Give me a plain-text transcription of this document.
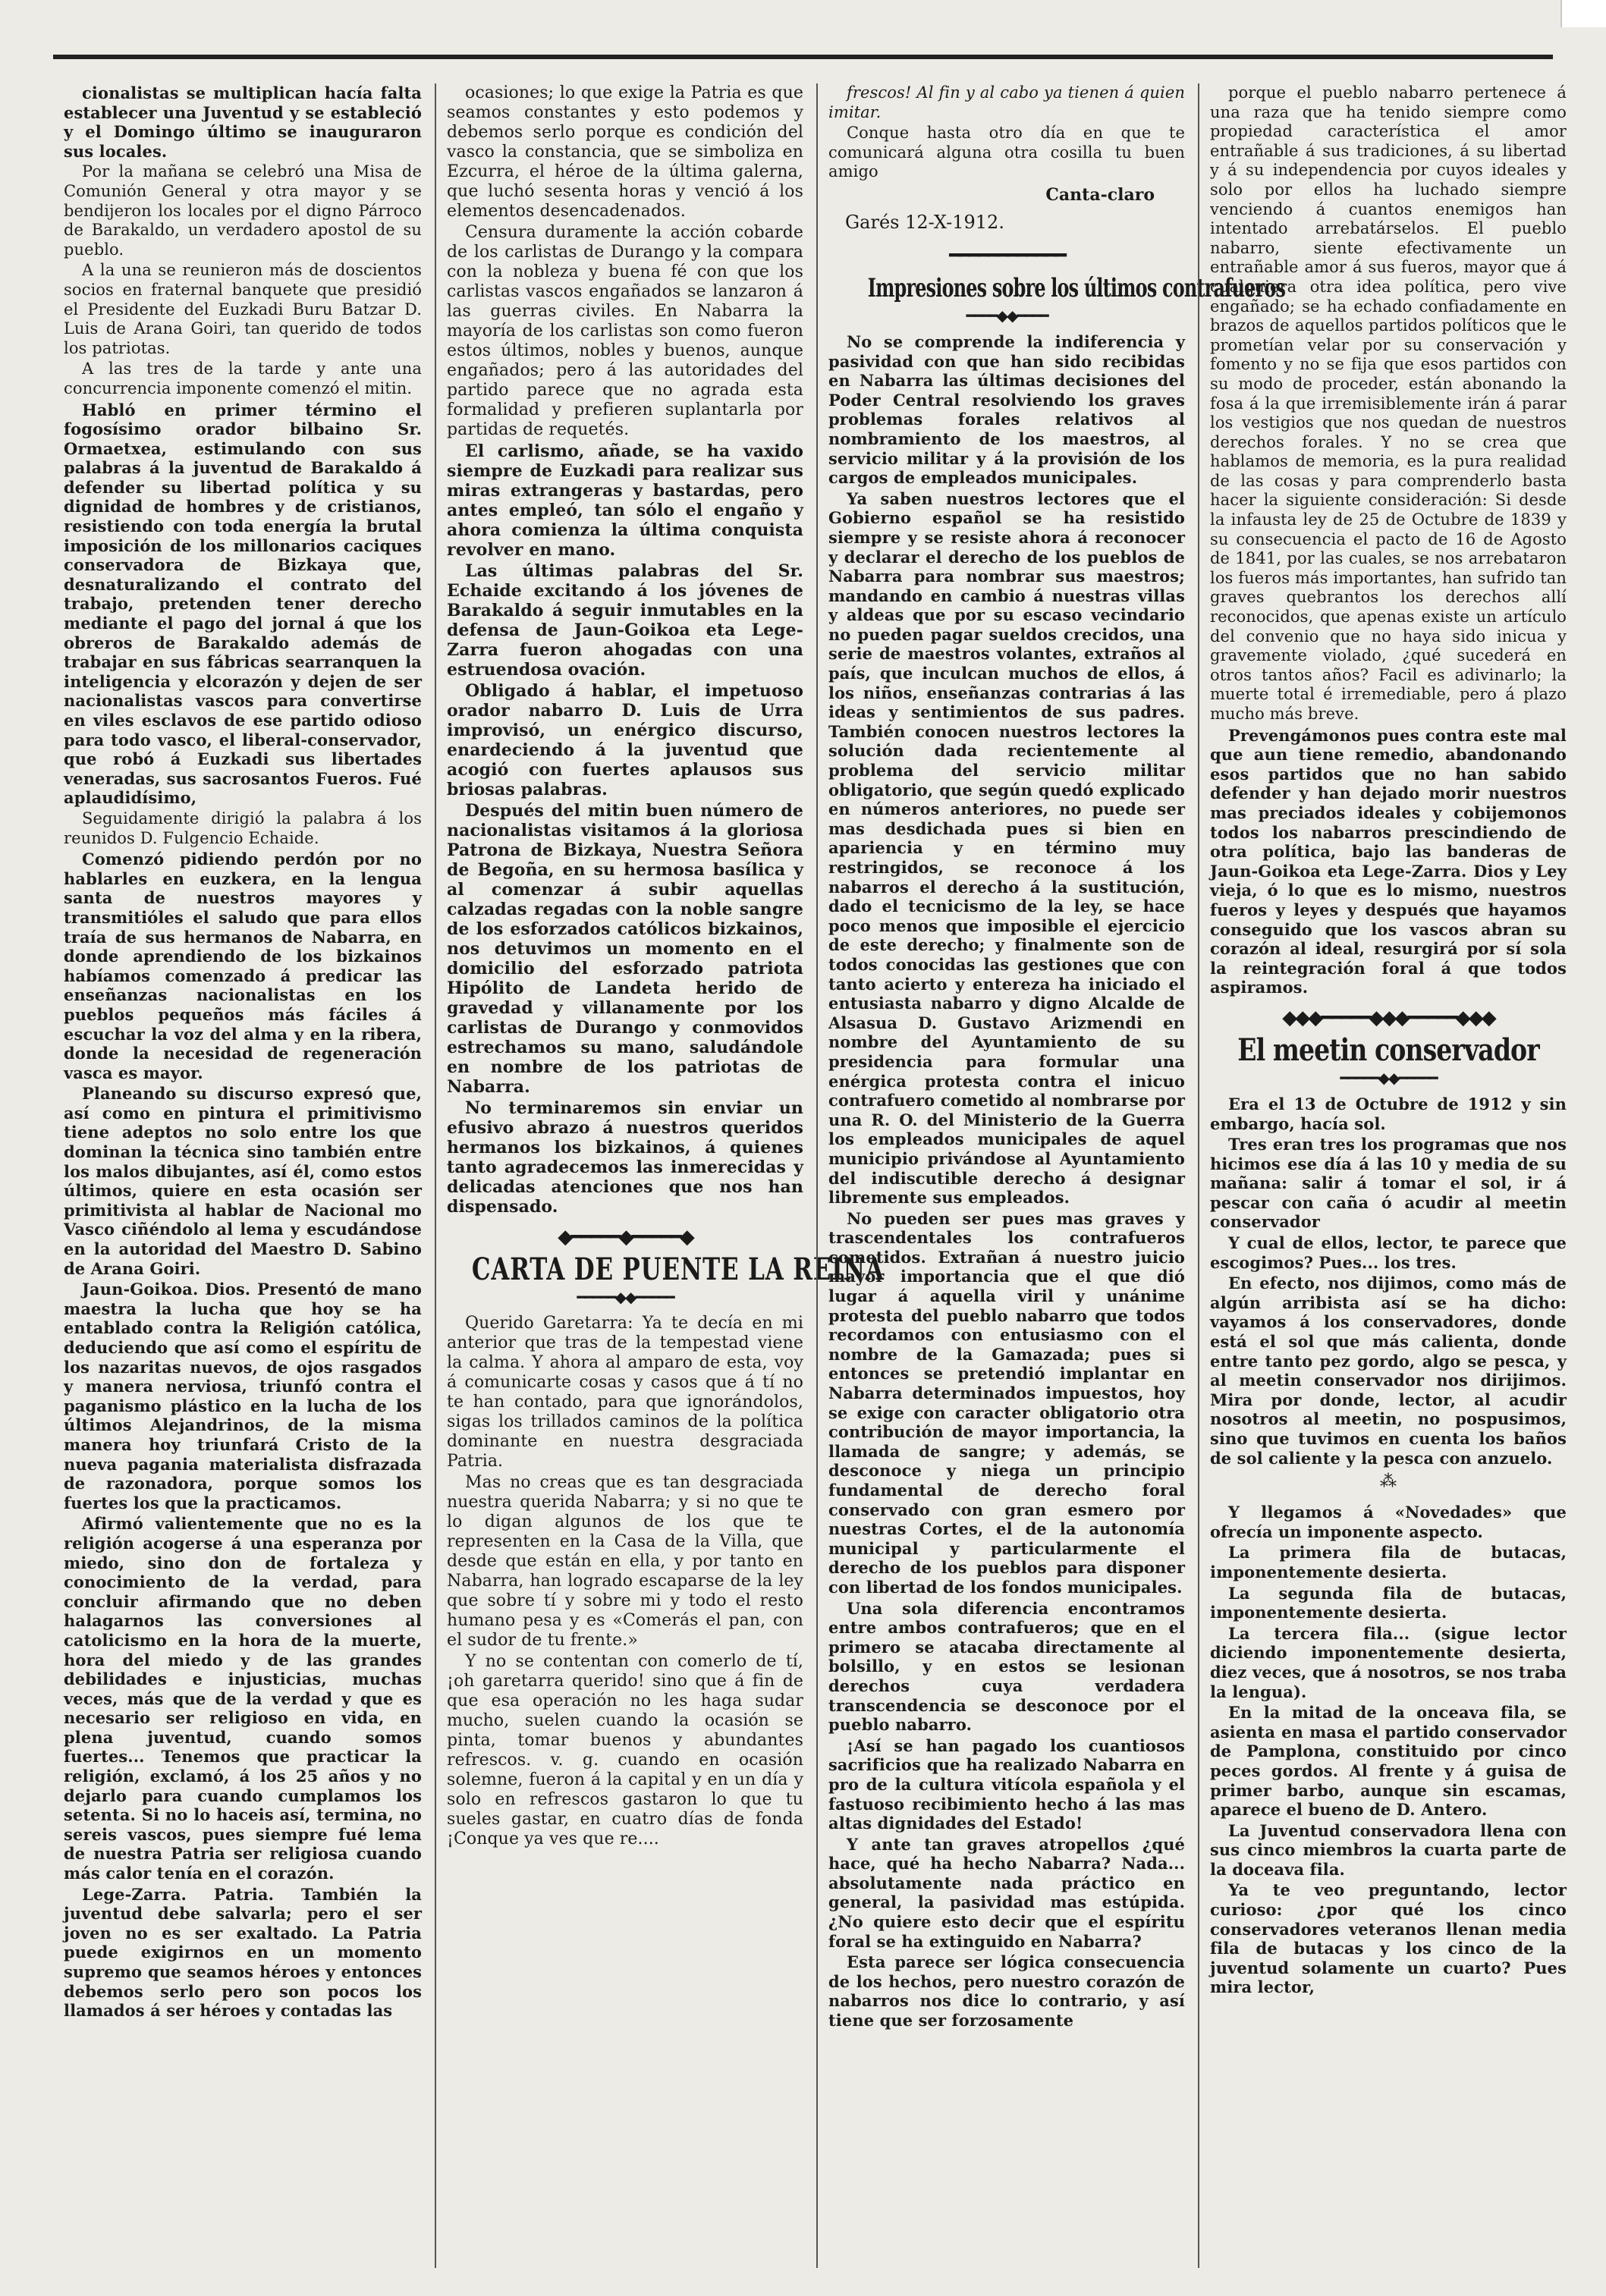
cionalistas se multiplican hacía falta establecer una Juventud y se estableció y el Domingo último se inauguraron sus locales.

Por la mañana se celebró una Misa de Comunión General y otra mayor y se bendijeron los locales por el digno Párroco de Barakaldo, un verdadero apostol de su pueblo.

A la una se reunieron más de doscientos socios en fraternal banquete que presidió el Presidente del Euzkadi Buru Batzar D. Luis de Arana Goiri, tan querido de todos los patriotas.

A las tres de la tarde y ante una concurrencia imponente comenzó el mitin.

Habló en primer término el fogosísimo orador bilbaino Sr. Ormaetxea, estimulando con sus palabras á la juventud de Barakaldo á defender su libertad política y su dignidad de hombres y de cristianos, resistiendo con toda energía la brutal imposición de los millonarios caciques conservadora de Bizkaya que, desnaturalizando el contrato del trabajo, pretenden tener derecho mediante el pago del jornal á que los obreros de Barakaldo además de trabajar en sus fábricas searranquen la inteligencia y elcorazón y dejen de ser nacionalistas vascos para convertirse en viles esclavos de ese partido odioso para todo vasco, el liberal-conservador, que robó á Euzkadi sus libertades veneradas, sus sacrosantos Fueros. Fué aplaudidísimo,

Seguidamente dirigió la palabra á los reunidos D. Fulgencio Echaide.

Comenzó pidiendo perdón por no hablarles en euzkera, en la lengua santa de nuestros mayores y transmitióles el saludo que para ellos traía de sus hermanos de Nabarra, en donde aprendiendo de los bizkainos habíamos comenzado á predicar las enseñanzas nacionalistas en los pueblos pequeños más fáciles á escuchar la voz del alma y en la ribera, donde la necesidad de regeneración vasca es mayor.

Planeando su discurso expresó que, así como en pintura el primitivismo tiene adeptos no solo entre los que dominan la técnica sino también entre los malos dibujantes, así él, como estos últimos, quiere en esta ocasión ser primitivista al hablar de Nacional mo Vasco ciñéndolo al lema y escudándose en la autoridad del Maestro D. Sabino de Arana Goiri.

Jaun-Goikoa. Dios. Presentó de mano maestra la lucha que hoy se ha entablado contra la Religión católica, deduciendo que así como el espíritu de los nazaritas nuevos, de ojos rasgados y manera nerviosa, triunfó contra el paganismo plástico en la lucha de los últimos Alejandrinos, de la misma manera hoy triunfará Cristo de la nueva pagania materialista disfrazada de razonadora, porque somos los fuertes los que la practicamos.

Afirmó valientemente que no es la religión acogerse á una esperanza por miedo, sino don de fortaleza y conocimiento de la verdad, para concluir afirmando que no deben halagarnos las conversiones al catolicismo en la hora de la muerte, hora del miedo y de las grandes debilidades e injusticias, muchas veces, más que de la verdad y que es necesario ser religioso en vida, en plena juventud, cuando somos fuertes... Tenemos que practicar la religión, exclamó, á los 25 años y no dejarlo para cuando cumplamos los setenta. Si no lo haceis así, termina, no sereis vascos, pues siempre fué lema de nuestra Patria ser religiosa cuando más calor tenía en el corazón.

Lege-Zarra. Patria. También la juventud debe salvarla; pero el ser joven no es ser exaltado. La Patria puede exigirnos en un momento supremo que seamos héroes y entonces debemos serlo pero son pocos los llamados á ser héroes y contadas las

ocasiones; lo que exige la Patria es que seamos constantes y esto podemos y debemos serlo porque es condición del vasco la constancia, que se simboliza en Ezcurra, el héroe de la última galerna, que luchó sesenta horas y venció á los elementos desencadenados.

Censura duramente la acción cobarde de los carlistas de Durango y la compara con la nobleza y buena fé con que los carlistas vascos engañados se lanzaron á las guerras civiles. En Nabarra la mayoría de los carlistas son como fueron estos últimos, nobles y buenos, aunque engañados; pero á las autoridades del partido parece que no agrada esta formalidad y prefieren suplantarla por partidas de requetés.

El carlismo, añade, se ha vaxido siempre de Euzkadi para realizar sus miras extrangeras y bastardas, pero antes empleó, tan sólo el engaño y ahora comienza la última conquista revolver en mano.

Las últimas palabras del Sr. Echaide excitando á los jóvenes de Barakaldo á seguir inmutables en la defensa de Jaun-Goikoa eta Lege-Zarra fueron ahogadas con una estruendosa ovación.

Obligado á hablar, el impetuoso orador nabarro D. Luis de Urra improvisó, un enérgico discurso, enardeciendo á la juventud que acogió con fuertes aplausos sus briosas palabras.

Después del mitin buen número de nacionalistas visitamos á la gloriosa Patrona de Bizkaya, Nuestra Señora de Begoña, en su hermosa basílica y al comenzar á subir aquellas calzadas regadas con la noble sangre de los esforzados católicos bizkainos, nos detuvimos un momento en el domicilio del esforzado patriota Hipólito de Landeta herido de gravedad y villanamente por los carlistas de Durango y conmovidos estrechamos su mano, saludándole en nombre de los patriotas de Nabarra.

No terminaremos sin enviar un efusivo abrazo á nuestros queridos hermanos los bizkainos, á quienes tanto agradecemos las inmerecidas y delicadas atenciones que nos han dispensado.

◆━━━━━◆━━━━━◆
CARTA DE PUENTE LA REINA
━━━━━◆◆━━━━━

Querido Garetarra: Ya te decía en mi anterior que tras de la tempestad viene la calma. Y ahora al amparo de esta, voy á comunicarte cosas y casos que á tí no te han contado, para que ignorándolos, sigas los trillados caminos de la política dominante en nuestra desgraciada Patria.

Mas no creas que es tan desgraciada nuestra querida Nabarra; y si no que te lo digan algunos de los que te representen en la Casa de la Villa, que desde que están en ella, y por tanto en Nabarra, han logrado escaparse de la ley que sobre tí y sobre mi y todo el resto humano pesa y es «Comerás el pan, con el sudor de tu frente.»

Y no se contentan con comerlo de tí, ¡oh garetarra querido! sino que á fin de que esa operación no les haga sudar mucho, suelen cuando la ocasión se pinta, tomar buenos y abundantes refrescos. v. g. cuando en ocasión solemne, fueron á la capital y en un día y solo en refrescos gastaron lo que tu sueles gastar, en cuatro días de fonda ¡Conque ya ves que re....

frescos! Al fin y al cabo ya tienen á quien imitar.

Conque hasta otro día en que te comunicará alguna otra cosilla tu buen amigo

Canta-claro
Garés 12-X-1912.
━━━━━━━━━━━━
Impresiones sobre los últimos contrafueros
━━━━◆◆━━━━

No se comprende la indiferencia y pasividad con que han sido recibidas en Nabarra las últimas decisiones del Poder Central resolviendo los graves problemas forales relativos al nombramiento de los maestros, al servicio militar y á la provisión de los cargos de empleados municipales.

Ya saben nuestros lectores que el Gobierno español se ha resistido siempre y se resiste ahora á reconocer y declarar el derecho de los pueblos de Nabarra para nombrar sus maestros; mandando en cambio á nuestras villas y aldeas que por su escaso vecindario no pueden pagar sueldos crecidos, una serie de maestros volantes, extraños al país, que inculcan muchos de ellos, á los niños, enseñanzas contrarias á las ideas y sentimientos de sus padres. También conocen nuestros lectores la solución dada recientemente al problema del servicio militar obligatorio, que según quedó explicado en números anteriores, no puede ser mas desdichada pues si bien en apariencia y en término muy restringidos, se reconoce á los nabarros el derecho á la sustitución, dado el tecnicismo de la ley, se hace poco menos que imposible el ejercicio de este derecho; y finalmente son de todos conocidas las gestiones que con tanto acierto y entereza ha iniciado el entusiasta nabarro y digno Alcalde de Alsasua D. Gustavo Arizmendi en nombre del Ayuntamiento de su presidencia para formular una enérgica protesta contra el inicuo contrafuero cometido al nombrarse por una R. O. del Ministerio de la Guerra los empleados municipales de aquel municipio privándose al Ayuntamiento del indiscutible derecho á designar libremente sus empleados.

No pueden ser pues mas graves y trascendentales los contrafueros cometidos. Extrañan á nuestro juicio mayor importancia que el que dió lugar á aquella viril y unánime protesta del pueblo nabarro que todos recordamos con entusiasmo con el nombre de la Gamazada; pues si entonces se pretendió implantar en Nabarra determinados impuestos, hoy se exige con caracter obligatorio otra contribución de mayor importancia, la llamada de sangre; y además, se desconoce y niega un principio fundamental de derecho foral conservado con gran esmero por nuestras Cortes, el de la autonomía municipal y particularmente el derecho de los pueblos para disponer con libertad de los fondos municipales.

Una sola diferencia encontramos entre ambos contrafueros; que en el primero se atacaba directamente al bolsillo, y en estos se lesionan derechos cuya verdadera transcendencia se desconoce por el pueblo nabarro.

¡Así se han pagado los cuantiosos sacrificios que ha realizado Nabarra en pro de la cultura vitícola española y el fastuoso recibimiento hecho á las mas altas dignidades del Estado!

Y ante tan graves atropellos ¿qué hace, qué ha hecho Nabarra? Nada... absolutamente nada práctico en general, la pasividad mas estúpida. ¿No quiere esto decir que el espíritu foral se ha extinguido en Nabarra?

Esta parece ser lógica consecuencia de los hechos, pero nuestro corazón de nabarros nos dice lo contrario, y así tiene que ser forzosamente

porque el pueblo nabarro pertenece á una raza que ha tenido siempre como propiedad característica el amor entrañable á sus tradiciones, á su libertad y á su independencia por cuyos ideales y solo por ellos ha luchado siempre venciendo á cuantos enemigos han intentado arrebatárselos. El pueblo nabarro, siente efectivamente un entrañable amor á sus fueros, mayor que á cualquiera otra idea política, pero vive engañado; se ha echado confiadamente en brazos de aquellos partidos políticos que le prometían velar por su conservación y fomento y no se fija que esos partidos con su modo de proceder, están abonando la fosa á la que irremisiblemente irán á parar los vestigios que nos quedan de nuestros derechos forales. Y no se crea que hablamos de memoria, es la pura realidad de las cosas y para comprenderlo basta hacer la siguiente consideración: Si desde la infausta ley de 25 de Octubre de 1839 y su consecuencia el pacto de 16 de Agosto de 1841, por las cuales, se nos arrebataron los fueros más importantes, han sufrido tan graves quebrantos los derechos allí reconocidos, que apenas existe un artículo del convenio que no haya sido inicua y gravemente violado, ¿qué sucederá en otros tantos años? Facil es adivinarlo; la muerte total é irremediable, pero á plazo mucho más breve.

Prevengámonos pues contra este mal que aun tiene remedio, abandonando esos partidos que no han sabido defender y han dejado morir nuestros mas preciados ideales y cobijemonos todos los nabarros prescindiendo de otra política, bajo las banderas de Jaun-Goikoa eta Lege-Zarra. Dios y Ley vieja, ó lo que es lo mismo, nuestros fueros y leyes y después que hayamos conseguido que los vascos abran su corazón al ideal, resurgirá por sí sola la reintegración foral á que todos aspiramos.

◆◆◆━━━━━◆◆◆━━━━━◆◆◆
El meetin conservador
━━━━━◆◆━━━━━

Era el 13 de Octubre de 1912 y sin embargo, hacía sol.

Tres eran tres los programas que nos hicimos ese día á las 10 y media de su mañana: salir á tomar el sol, ir á pescar con caña ó acudir al meetin conservador

Y cual de ellos, lector, te parece que escogimos? Pues... los tres.

En efecto, nos dijimos, como más de algún arribista así se ha dicho: vayamos á los conservadores, donde está el sol que más calienta, donde entre tanto pez gordo, algo se pesca, y al meetin conservador nos dirijimos. Mira por donde, lector, al acudir nosotros al meetin, no pospusimos, sino que tuvimos en cuenta los baños de sol caliente y la pesca con anzuelo.

⁂

Y llegamos á «Novedades» que ofrecía un imponente aspecto.

La primera fila de butacas, imponentemente desierta.

La segunda fila de butacas, imponentemente desierta.

La tercera fila... (sigue lector diciendo imponentemente desierta, diez veces, que á nosotros, se nos traba la lengua).

En la mitad de la onceava fila, se asienta en masa el partido conservador de Pamplona, constituido por cinco peces gordos. Al frente y á guisa de primer barbo, aunque sin escamas, aparece el bueno de D. Antero.

La Juventud conservadora llena con sus cinco miembros la cuarta parte de la doceava fila.

Ya te veo preguntando, lector curioso: ¿por qué los cinco conservadores veteranos llenan media fila de butacas y los cinco de la juventud solamente un cuarto? Pues mira lector,
